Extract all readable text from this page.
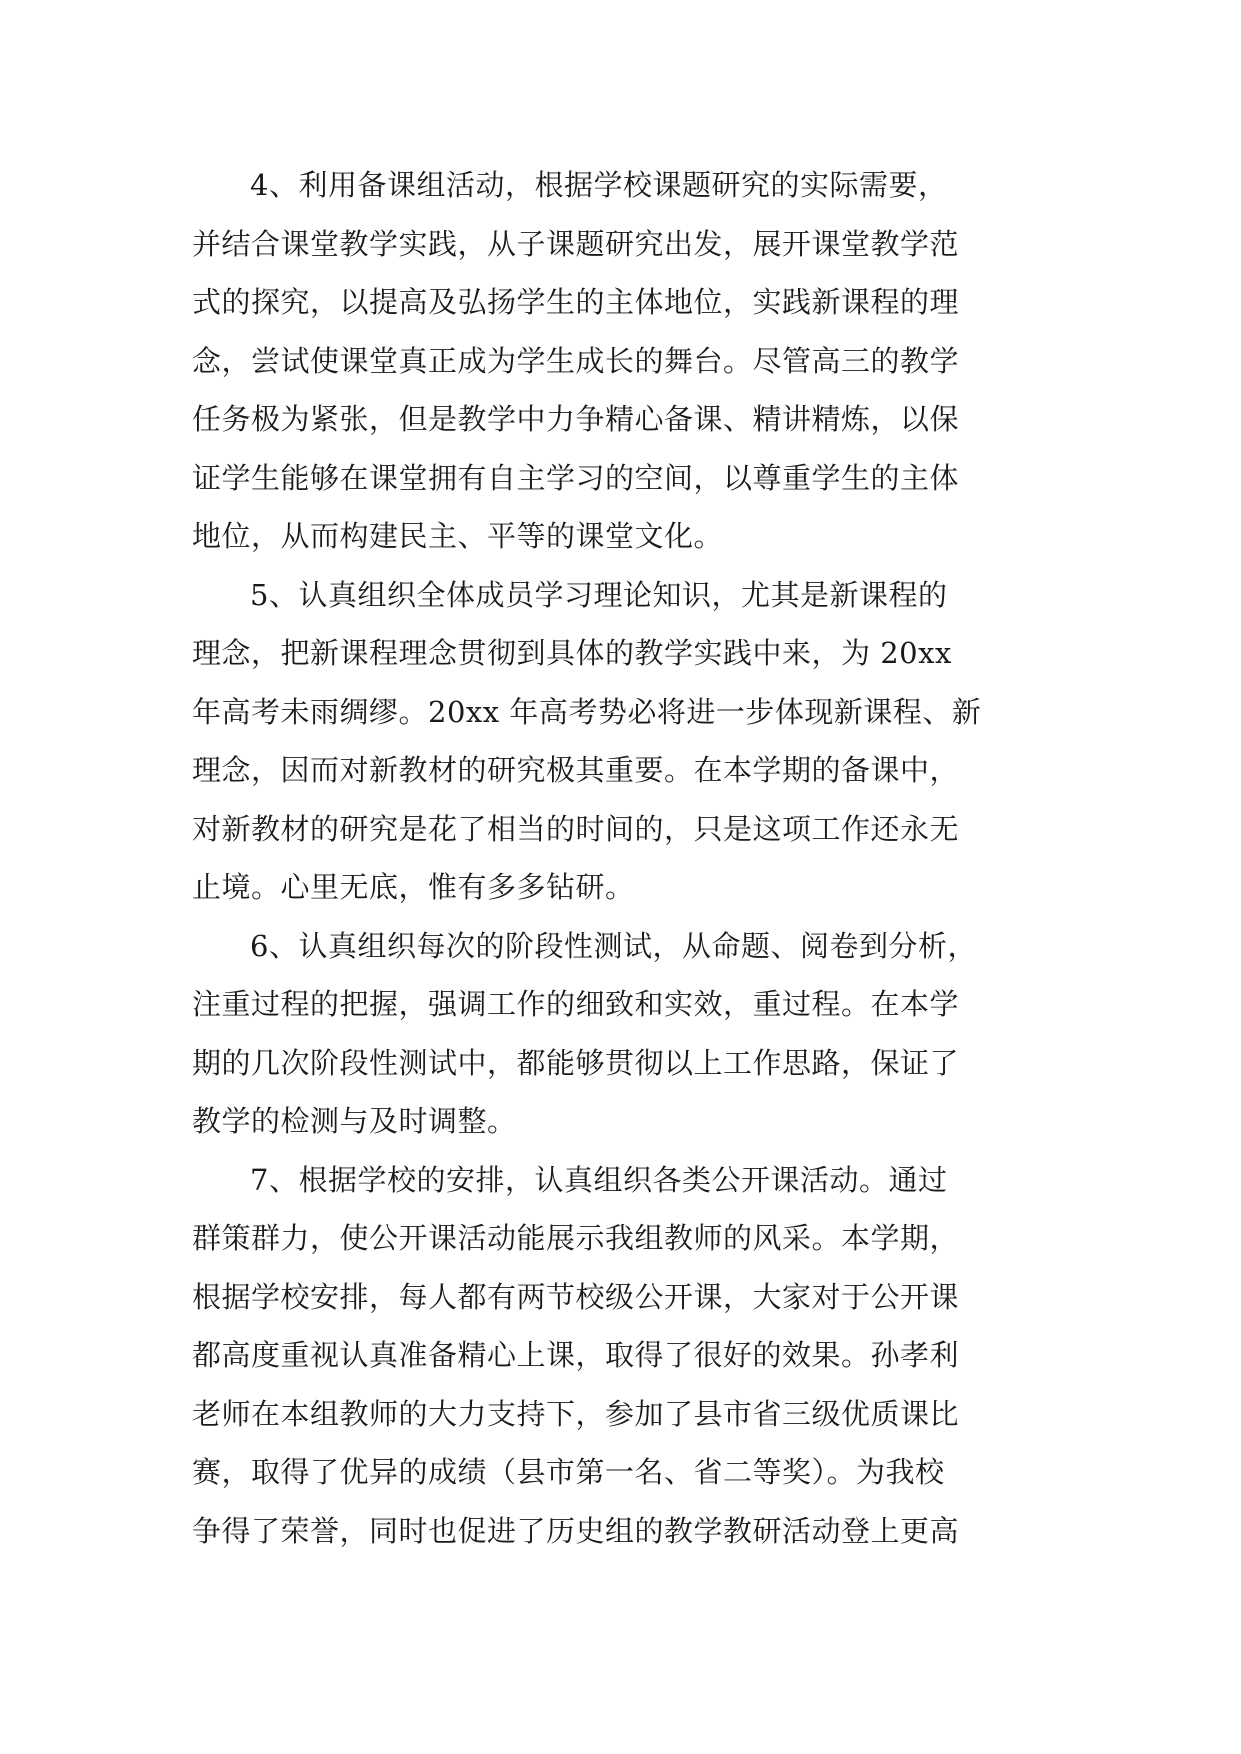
4、利用备课组活动，根据学校课题研究的实际需要，
并结合课堂教学实践，从子课题研究出发，展开课堂教学范
式的探究，以提高及弘扬学生的主体地位，实践新课程的理
念，尝试使课堂真正成为学生成长的舞台。尽管高三的教学
任务极为紧张，但是教学中力争精心备课、精讲精炼，以保
证学生能够在课堂拥有自主学习的空间，以尊重学生的主体
地位，从而构建民主、平等的课堂文化。
5、认真组织全体成员学习理论知识，尤其是新课程的
理念，把新课程理念贯彻到具体的教学实践中来，为 20xx
年高考未雨绸缪。20xx 年高考势必将进一步体现新课程、新
理念，因而对新教材的研究极其重要。在本学期的备课中，
对新教材的研究是花了相当的时间的，只是这项工作还永无
止境。心里无底，惟有多多钻研。
6、认真组织每次的阶段性测试，从命题、阅卷到分析，
注重过程的把握，强调工作的细致和实效，重过程。在本学
期的几次阶段性测试中，都能够贯彻以上工作思路，保证了
教学的检测与及时调整。
7、根据学校的安排，认真组织各类公开课活动。通过
群策群力，使公开课活动能展示我组教师的风采。本学期，
根据学校安排，每人都有两节校级公开课，大家对于公开课
都高度重视认真准备精心上课，取得了很好的效果。孙孝利
老师在本组教师的大力支持下，参加了县市省三级优质课比
赛，取得了优异的成绩（县市第一名、省二等奖）。为我校
争得了荣誉，同时也促进了历史组的教学教研活动登上更高
